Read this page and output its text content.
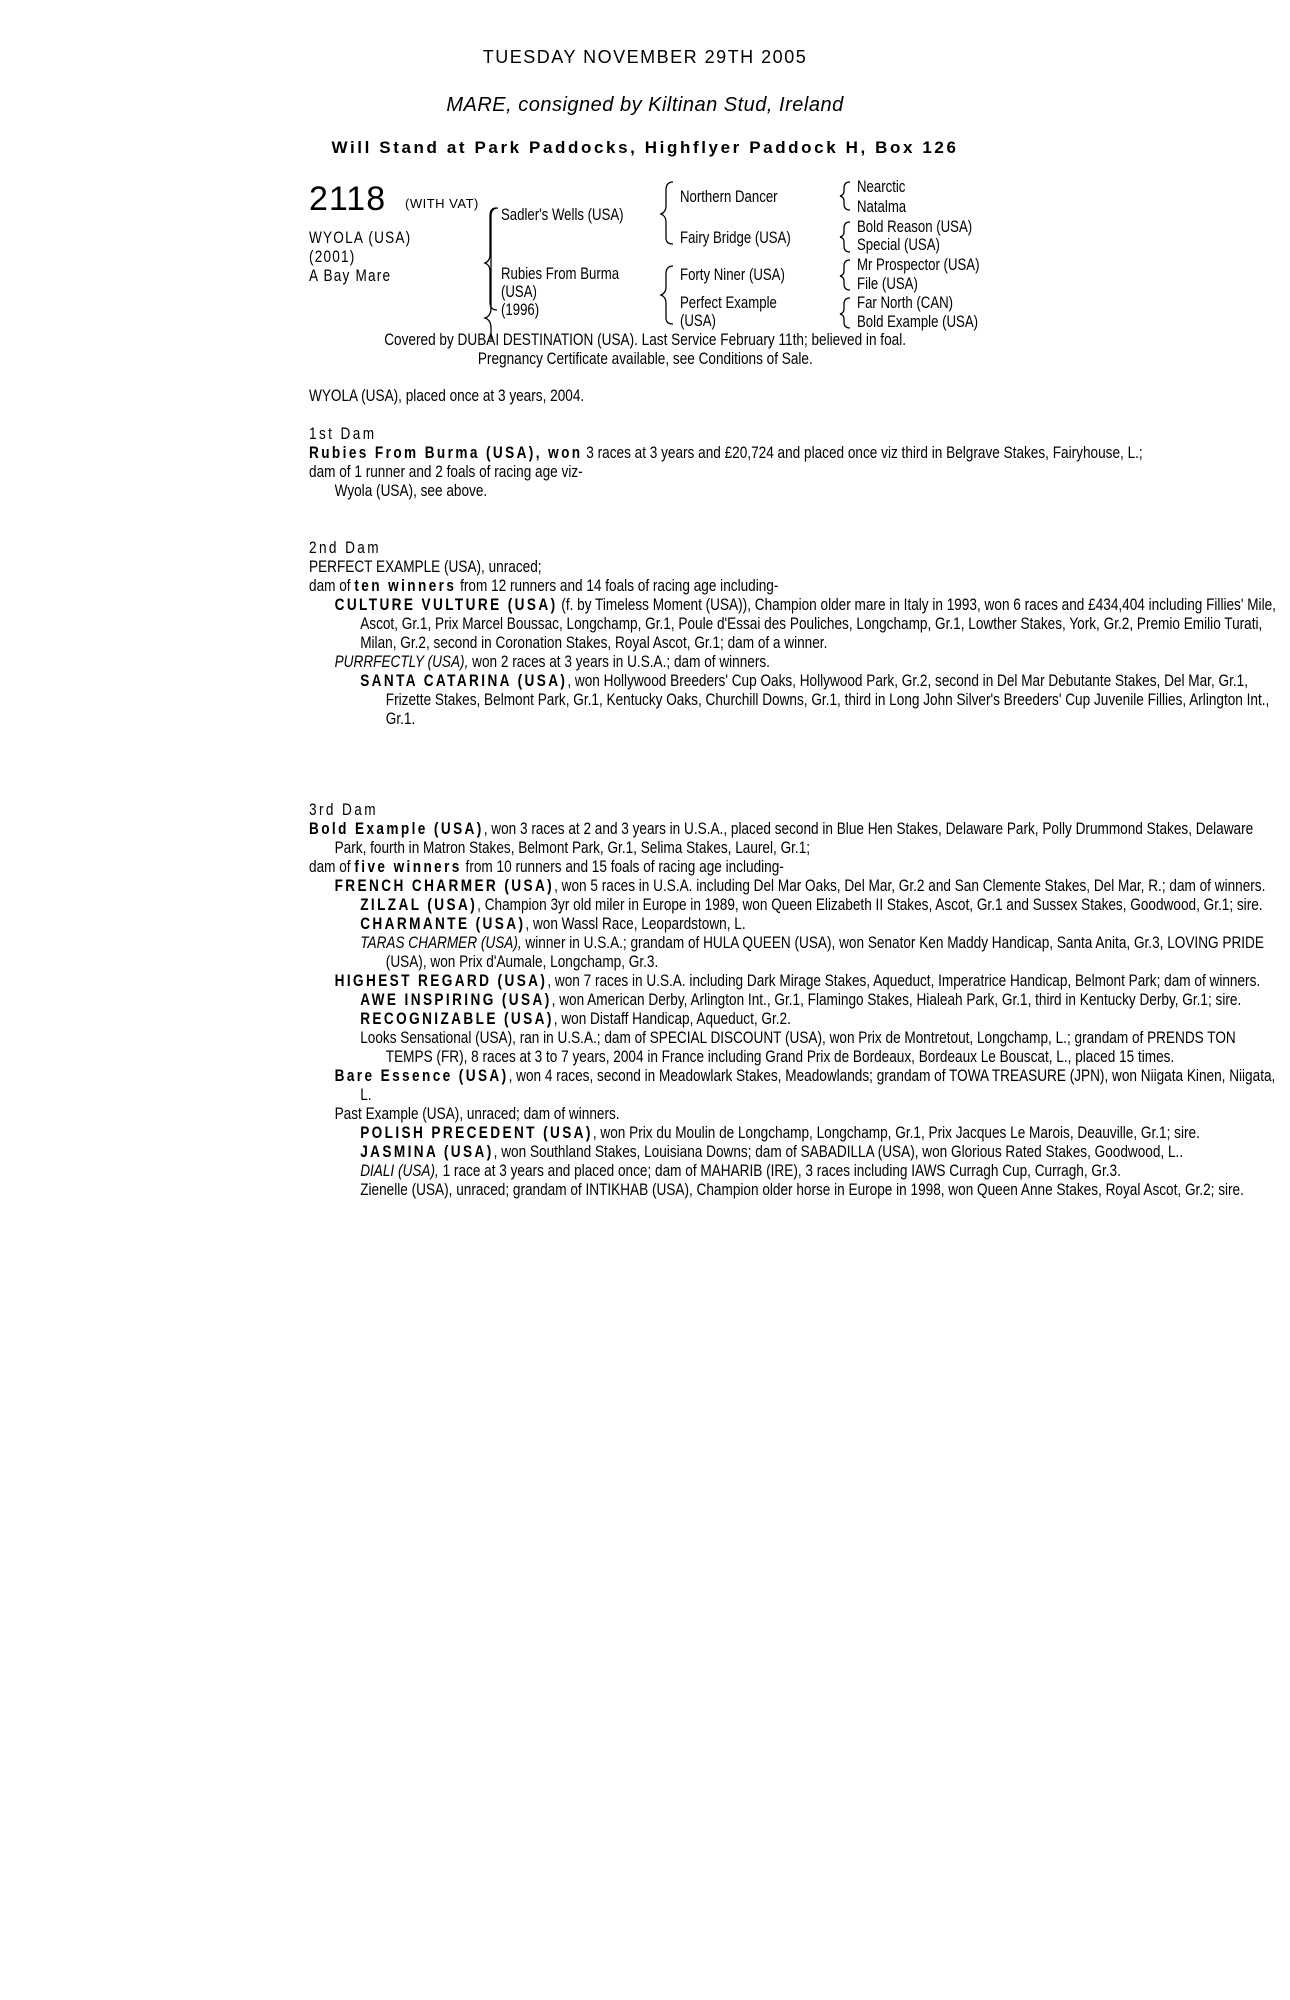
TUESDAY NOVEMBER 29TH 2005
MARE, consigned by Kiltinan Stud, Ireland
Will Stand at Park Paddocks, Highflyer Paddock H, Box 126
2118 (WITH VAT)
WYOLA (USA)
(2001)
A Bay Mare
Sadler's Wells (USA)
Rubies From Burma
(USA)
(1996)
Northern Dancer
Fairy Bridge (USA)
Forty Niner (USA)
Perfect Example
(USA)
Nearctic
Natalma
Bold Reason (USA)
Special (USA)
Mr Prospector (USA)
File (USA)
Far North (CAN)
Bold Example (USA)
Covered by DUBAI DESTINATION (USA). Last Service February 11th; believed in foal.
Pregnancy Certificate available, see Conditions of Sale.
WYOLA (USA), placed once at 3 years, 2004.

1st Dam

Rubies From Burma (USA), won 3 races at 3 years and £20,724 and placed once viz third in Belgrave Stakes, Fairyhouse, L.;

dam of 1 runner and 2 foals of racing age viz-

Wyola (USA), see above.

2nd Dam

PERFECT EXAMPLE (USA), unraced;

dam of ten winners from 12 runners and 14 foals of racing age including-

CULTURE VULTURE (USA) (f. by Timeless Moment (USA)), Champion older mare in Italy in 1993, won 6 races and £434,404 including Fillies' Mile, Ascot, Gr.1, Prix Marcel Boussac, Longchamp, Gr.1, Poule d'Essai des Pouliches, Longchamp, Gr.1, Lowther Stakes, York, Gr.2, Premio Emilio Turati, Milan, Gr.2, second in Coronation Stakes, Royal Ascot, Gr.1; dam of a winner.

PURRFECTLY (USA), won 2 races at 3 years in U.S.A.; dam of winners.

SANTA CATARINA (USA), won Hollywood Breeders' Cup Oaks, Hollywood Park, Gr.2, second in Del Mar Debutante Stakes, Del Mar, Gr.1, Frizette Stakes, Belmont Park, Gr.1, Kentucky Oaks, Churchill Downs, Gr.1, third in Long John Silver's Breeders' Cup Juvenile Fillies, Arlington Int., Gr.1.

3rd Dam

Bold Example (USA), won 3 races at 2 and 3 years in U.S.A., placed second in Blue Hen Stakes, Delaware Park, Polly Drummond Stakes, Delaware Park, fourth in Matron Stakes, Belmont Park, Gr.1, Selima Stakes, Laurel, Gr.1;

dam of five winners from 10 runners and 15 foals of racing age including-

FRENCH CHARMER (USA), won 5 races in U.S.A. including Del Mar Oaks, Del Mar, Gr.2 and San Clemente Stakes, Del Mar, R.; dam of winners.

ZILZAL (USA), Champion 3yr old miler in Europe in 1989, won Queen Elizabeth II Stakes, Ascot, Gr.1 and Sussex Stakes, Goodwood, Gr.1; sire.

CHARMANTE (USA), won Wassl Race, Leopardstown, L.

TARAS CHARMER (USA), winner in U.S.A.; grandam of HULA QUEEN (USA), won Senator Ken Maddy Handicap, Santa Anita, Gr.3, LOVING PRIDE (USA), won Prix d'Aumale, Longchamp, Gr.3.

HIGHEST REGARD (USA), won 7 races in U.S.A. including Dark Mirage Stakes, Aqueduct, Imperatrice Handicap, Belmont Park; dam of winners.

AWE INSPIRING (USA), won American Derby, Arlington Int., Gr.1, Flamingo Stakes, Hialeah Park, Gr.1, third in Kentucky Derby, Gr.1; sire.

RECOGNIZABLE (USA), won Distaff Handicap, Aqueduct, Gr.2.

Looks Sensational (USA), ran in U.S.A.; dam of SPECIAL DISCOUNT (USA), won Prix de Montretout, Longchamp, L.; grandam of PRENDS TON TEMPS (FR), 8 races at 3 to 7 years, 2004 in France including Grand Prix de Bordeaux, Bordeaux Le Bouscat, L., placed 15 times.

Bare Essence (USA), won 4 races, second in Meadowlark Stakes, Meadowlands; grandam of TOWA TREASURE (JPN), won Niigata Kinen, Niigata, L.

Past Example (USA), unraced; dam of winners.

POLISH PRECEDENT (USA), won Prix du Moulin de Longchamp, Longchamp, Gr.1, Prix Jacques Le Marois, Deauville, Gr.1; sire.

JASMINA (USA), won Southland Stakes, Louisiana Downs; dam of SABADILLA (USA), won Glorious Rated Stakes, Goodwood, L..

DIALI (USA), 1 race at 3 years and placed once; dam of MAHARIB (IRE), 3 races including IAWS Curragh Cup, Curragh, Gr.3.

Zienelle (USA), unraced; grandam of INTIKHAB (USA), Champion older horse in Europe in 1998, won Queen Anne Stakes, Royal Ascot, Gr.2; sire.
